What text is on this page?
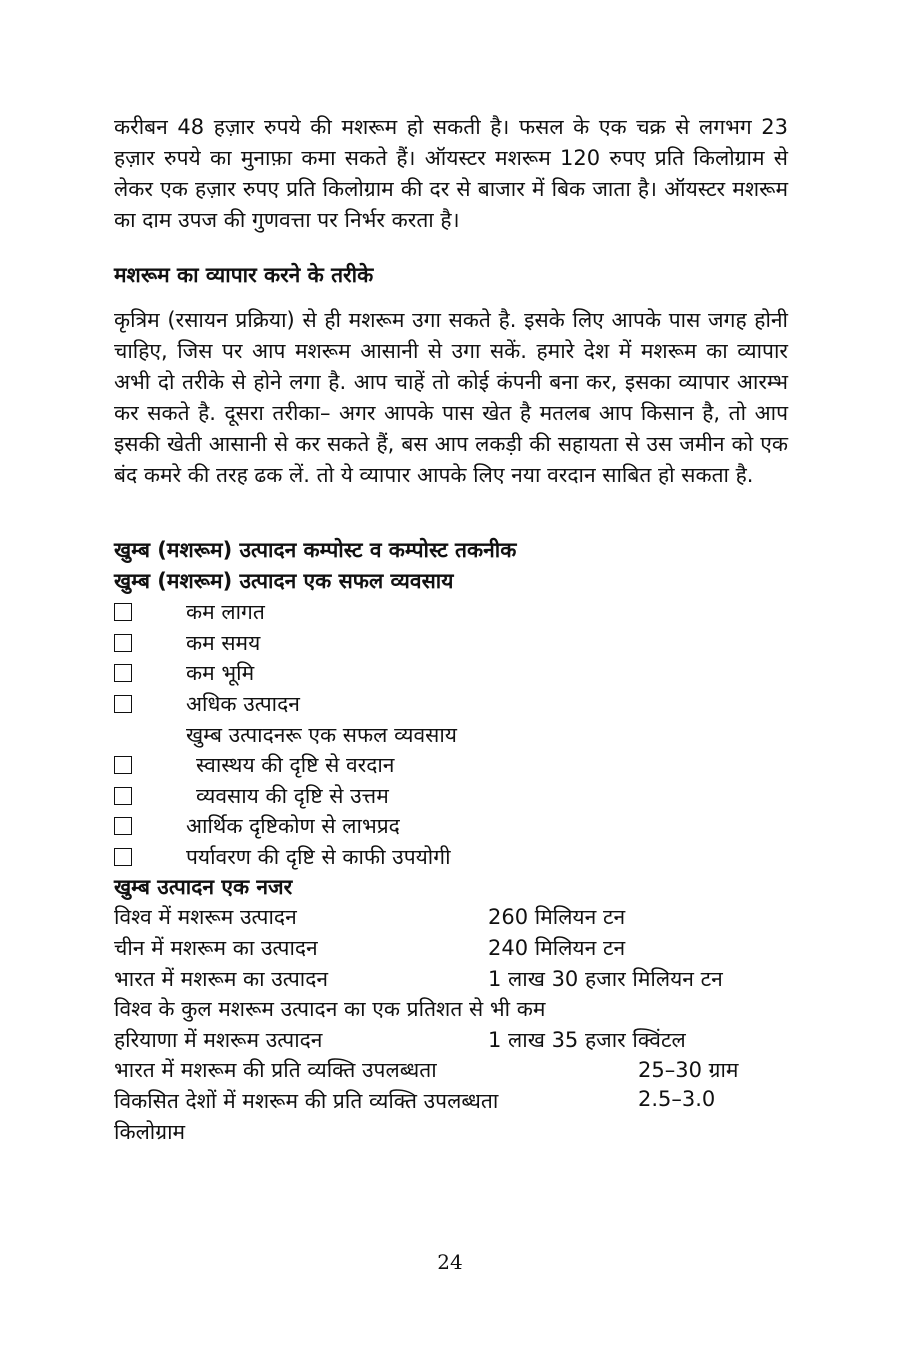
करीबन 48 हज़ार रुपये की मशरूम हो सकती है। फसल के एक चक्र से लगभग 23 हज़ार रुपये का मुनाफ़ा कमा सकते हैं। ऑयस्टर मशरूम 120 रुपए प्रति किलोग्राम से लेकर एक हज़ार रुपए प्रति किलोग्राम की दर से बाजार में बिक जाता है। ऑयस्टर मशरूम का दाम उपज की गुणवत्ता पर निर्भर करता है।

मशरूम का व्यापार करने के तरीके

कृत्रिम (रसायन प्रक्रिया) से ही मशरूम उगा सकते है. इसके लिए आपके पास जगह होनी चाहिए, जिस पर आप मशरूम आसानी से उगा सकें. हमारे देश में मशरूम का व्यापार अभी दो तरीके से होने लगा है. आप चाहें तो कोई कंपनी बना कर, इसका व्यापार आरम्भ कर सकते है. दूसरा तरीका– अगर आपके पास खेत है मतलब आप किसान है, तो आप इसकी खेती आसानी से कर सकते हैं, बस आप लकड़ी की सहायता से उस जमीन को एक बंद कमरे की तरह ढक लें. तो ये व्यापार आपके लिए नया वरदान साबित हो सकता है.

खुम्ब (मशरूम) उत्पादन कम्पोस्ट व कम्पोस्ट तकनीक
खुम्ब (मशरूम) उत्पादन एक सफल व्यवसाय
कम लागत
कम समय
कम भूमि
अधिक उत्पादन
खुम्ब उत्पादनरू एक सफल व्यवसाय
स्वास्थय की दृष्टि से वरदान
व्यवसाय की दृष्टि से उत्तम
आर्थिक दृष्टिकोण से लाभप्रद
पर्यावरण की दृष्टि से काफी उपयोगी
खुम्ब उत्पादन एक नजर
विश्व में मशरूम उत्पादन	260 मिलियन टन
चीन में मशरूम का उत्पादन	240 मिलियन टन
भारत में मशरूम का उत्पादन	1 लाख 30 हजार मिलियन टन
विश्व के कुल मशरूम उत्पादन का एक प्रतिशत से भी कम
हरियाणा में मशरूम उत्पादन	1 लाख 35 हजार क्विंटल
भारत में मशरूम की प्रति व्यक्ति उपलब्धता	25–30 ग्राम
विकसित देशों में मशरूम की प्रति व्यक्ति उपलब्धता	2.5–3.0
किलोग्राम
24
